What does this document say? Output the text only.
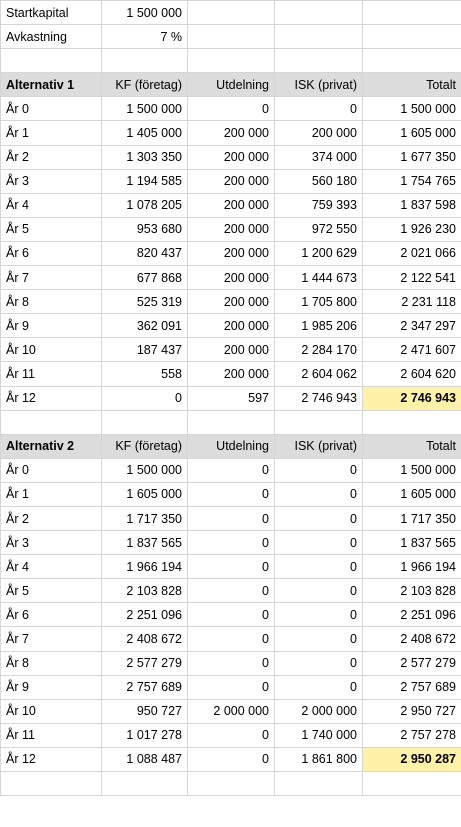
Startkapital	1 500 000			
Avkastning	7 %			

Alternativ 1	KF (företag)	Utdelning	ISK (privat)	Totalt
År 0	1 500 000	0	0	1 500 000
År 1	1 405 000	200 000	200 000	1 605 000
År 2	1 303 350	200 000	374 000	1 677 350
År 3	1 194 585	200 000	560 180	1 754 765
År 4	1 078 205	200 000	759 393	1 837 598
År 5	953 680	200 000	972 550	1 926 230
År 6	820 437	200 000	1 200 629	2 021 066
År 7	677 868	200 000	1 444 673	2 122 541
År 8	525 319	200 000	1 705 800	2 231 118
År 9	362 091	200 000	1 985 206	2 347 297
År 10	187 437	200 000	2 284 170	2 471 607
År 11	558	200 000	2 604 062	2 604 620
År 12	0	597	2 746 943	2 746 943

Alternativ 2	KF (företag)	Utdelning	ISK (privat)	Totalt
År 0	1 500 000	0	0	1 500 000
År 1	1 605 000	0	0	1 605 000
År 2	1 717 350	0	0	1 717 350
År 3	1 837 565	0	0	1 837 565
År 4	1 966 194	0	0	1 966 194
År 5	2 103 828	0	0	2 103 828
År 6	2 251 096	0	0	2 251 096
År 7	2 408 672	0	0	2 408 672
År 8	2 577 279	0	0	2 577 279
År 9	2 757 689	0	0	2 757 689
År 10	950 727	2 000 000	2 000 000	2 950 727
År 11	1 017 278	0	1 740 000	2 757 278
År 12	1 088 487	0	1 861 800	2 950 287
